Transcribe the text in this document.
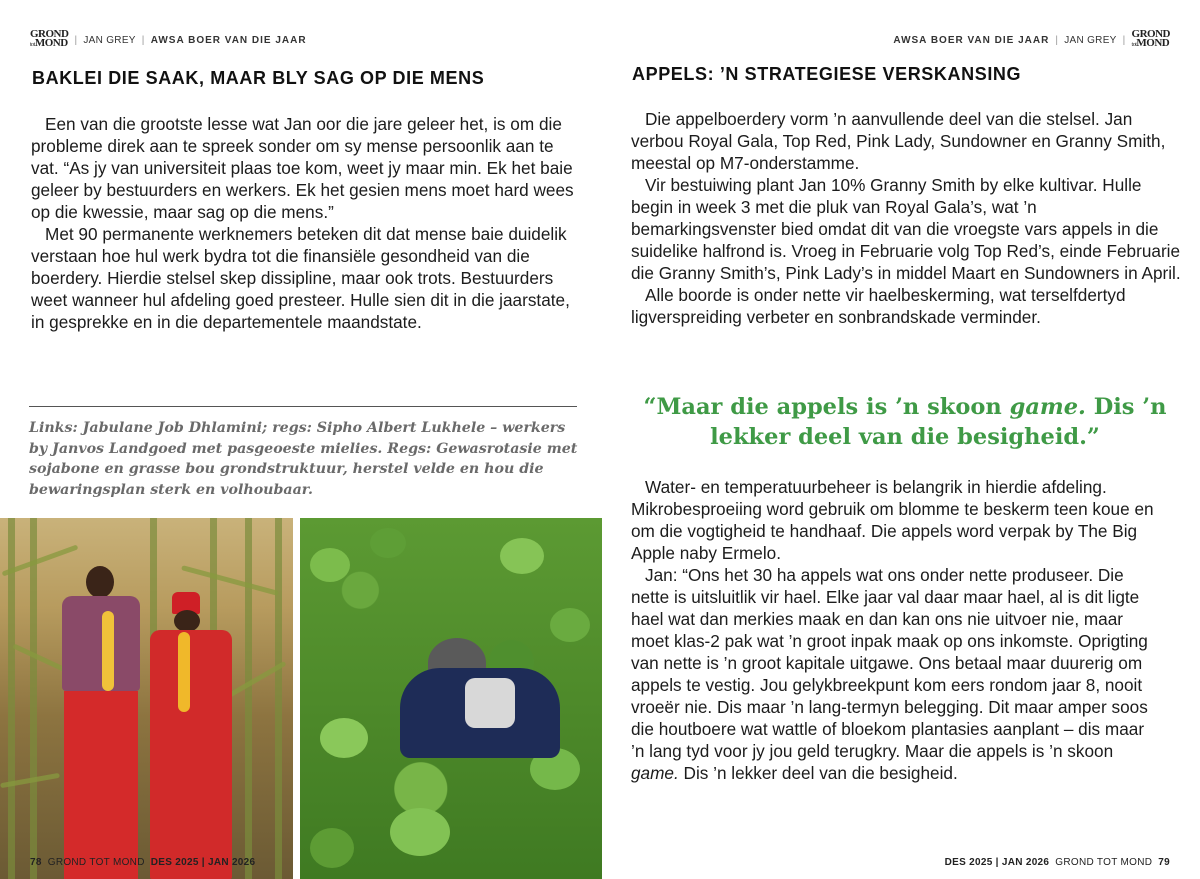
GROND
totMOND | JAN GREY | AWSA BOER VAN DIE JAAR	AWSA BOER VAN DIE JAAR | JAN GREY | GROND
totMOND
BAKLEI DIE SAAK, MAAR BLY SAG OP DIE MENS

Een van die grootste lesse wat Jan oor die jare geleer het, is om die probleme direk aan te spreek sonder om sy mense persoonlik aan te vat. “As jy van universiteit plaas toe kom, weet jy maar min. Ek het baie geleer by bestuurders en werkers. Ek het gesien mens moet hard wees op die kwessie, maar sag op die mens.”

Met 90 permanente werknemers beteken dit dat mense baie duidelik verstaan hoe hul werk bydra tot die finansiële gesondheid van die boerdery. Hierdie stelsel skep dissipline, maar ook trots. Bestuurders weet wanneer hul afdeling goed presteer. Hulle sien dit in die jaarstate, in gesprekke en in die departementele maandstate.

Links: Jabulane Job Dhlamini; regs: Sipho Albert Lukhele – werkers by Janvos Landgoed met pasgeoeste mielies. Regs: Gewasrotasie met sojabone en grasse bou grondstruktuur, herstel velde en hou die bewaringsplan sterk en volhoubaar.
78 GROND TOT MOND DES 2025 | JAN 2026
APPELS: ’N STRATEGIESE VERSKANSING

Die appelboerdery vorm ’n aanvullende deel van die stelsel. Jan verbou Royal Gala, Top Red, Pink Lady, Sundowner en Granny Smith, meestal op M7-onderstamme.

Vir bestuiwing plant Jan 10% Granny Smith by elke kultivar. Hulle begin in week 3 met die pluk van Royal Gala’s, wat ’n bemarkingsvenster bied omdat dit van die vroegste vars appels in die suidelike halfrond is. Vroeg in Februarie volg Top Red’s, einde Februarie die Granny Smith’s, Pink Lady’s in middel Maart en Sundowners in April.

Alle boorde is onder nette vir haelbeskerming, wat terselfdertyd ligverspreiding verbeter en sonbrandskade verminder.

“Maar die appels is ’n skoon game. Dis ’n lekker deel van die besigheid.”

Water- en temperatuurbeheer is belangrik in hierdie afdeling. Mikrobesproeiing word gebruik om blomme te beskerm teen koue en om die vogtigheid te handhaaf. Die appels word verpak by The Big Apple naby Ermelo.

Jan: “Ons het 30 ha appels wat ons onder nette produseer. Die nette is uitsluitlik vir hael. Elke jaar val daar maar hael, al is dit ligte hael wat dan merkies maak en dan kan ons nie uitvoer nie, maar moet klas-2 pak wat ’n groot inpak maak op ons inkomste. Oprigting van nette is ’n groot kapitale uitgawe. Ons betaal maar duurerig om appels te vestig. Jou gelykbreekpunt kom eers rondom jaar 8, nooit vroeër nie. Dis maar ’n lang-termyn belegging. Dit maar amper soos die houtboere wat wattle of bloekom plantasies aanplant – dis maar ’n lang tyd voor jy jou geld terugkry. Maar die appels is ’n skoon game. Dis ’n lekker deel van die besigheid.

DES 2025 | JAN 2026 GROND TOT MOND 79
